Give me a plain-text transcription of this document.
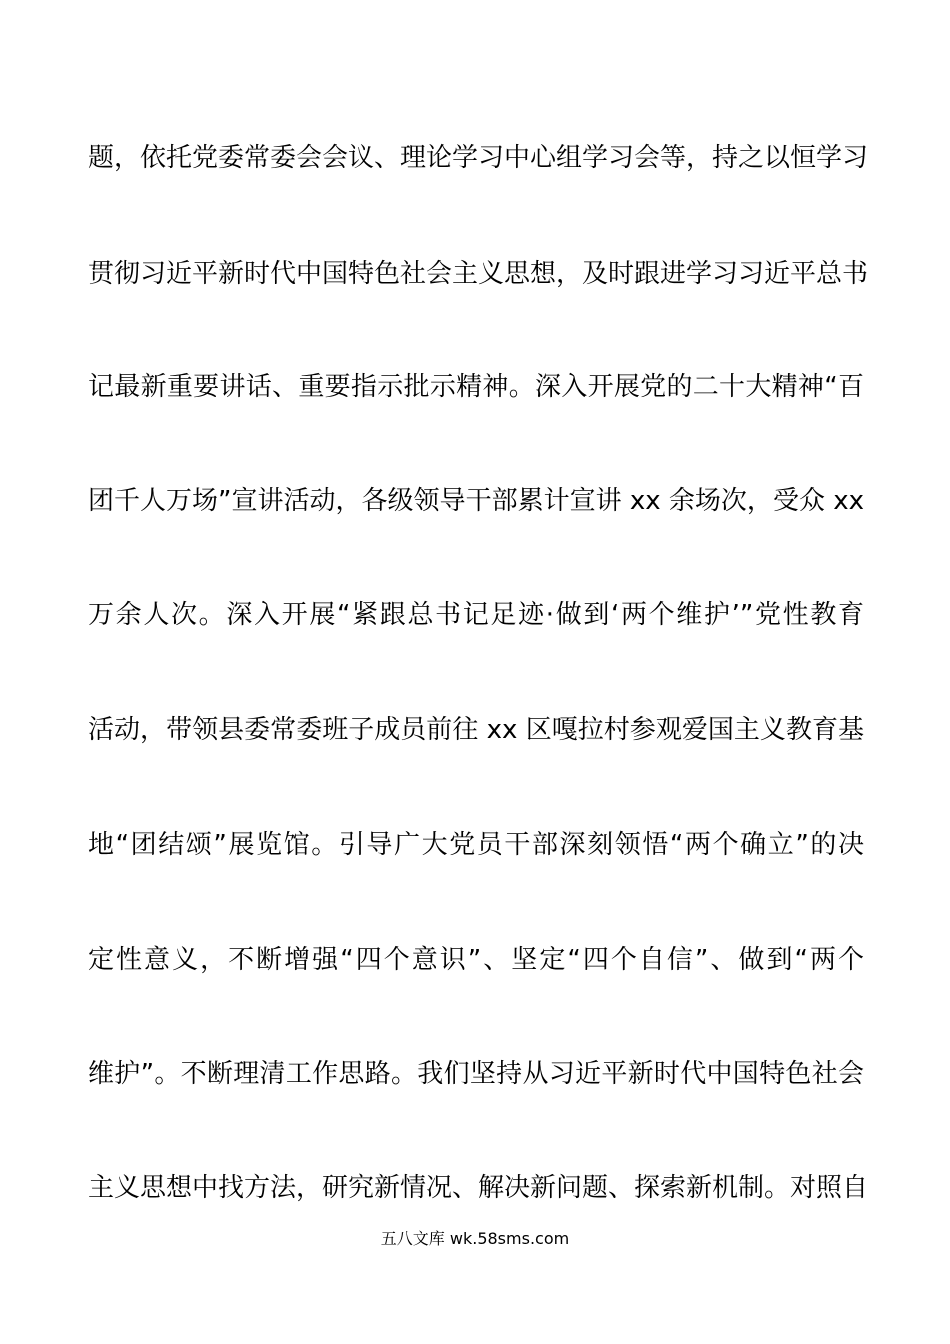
题，依托党委常委会会议、理论学习中心组学习会等，持之以恒学习
贯彻习近平新时代中国特色社会主义思想，及时跟进学习习近平总书
记最新重要讲话、重要指示批示精神。深入开展党的二十大精神“百
团千人万场”宣讲活动，各级领导干部累计宣讲 xx 余场次，受众 xx
万余人次。深入开展“紧跟总书记足迹·做到‘两个维护’”党性教育
活动，带领县委常委班子成员前往 xx 区嘎拉村参观爱国主义教育基
地“团结颂”展览馆。引导广大党员干部深刻领悟“两个确立”的决
定性意义，不断增强“四个意识”、坚定“四个自信”、做到“两个
维护”。不断理清工作思路。我们坚持从习近平新时代中国特色社会
主义思想中找方法，研究新情况、解决新问题、探索新机制。对照自
五八文库 wk.58sms.com
